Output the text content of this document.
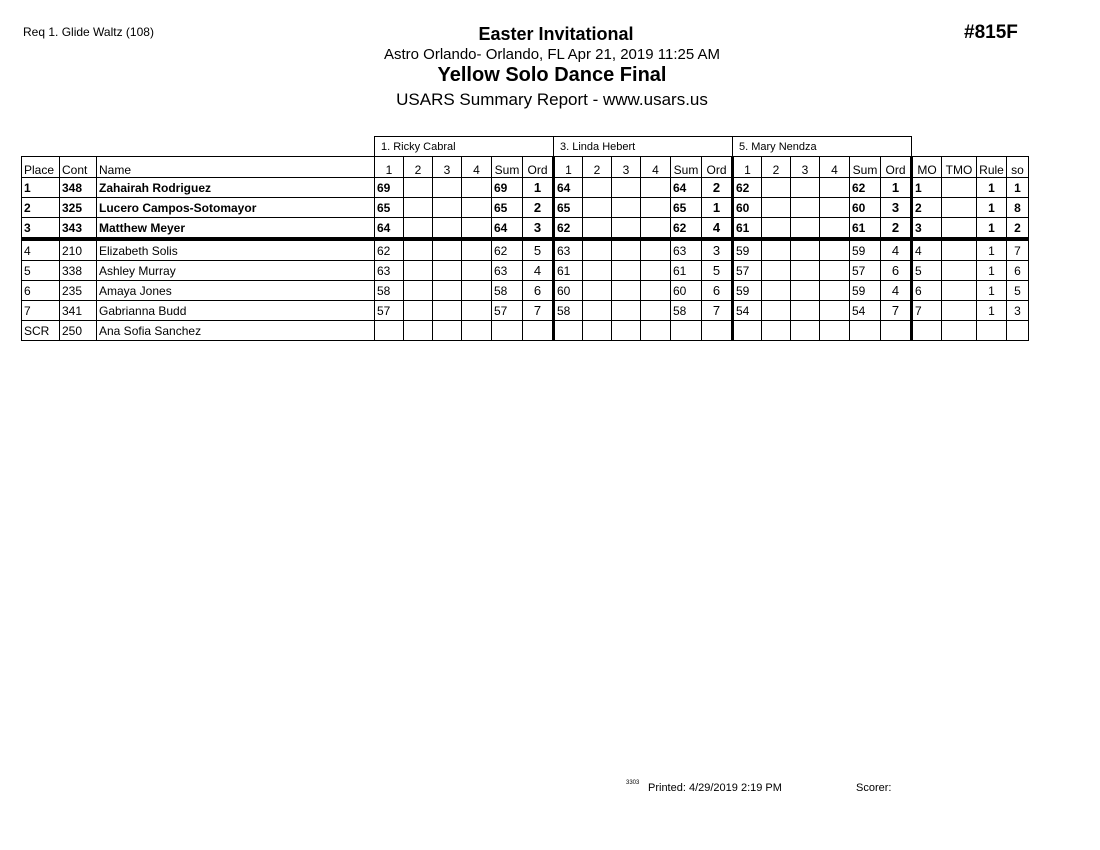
Req 1. Glide Waltz (108)	#815F
Easter Invitational
Astro Orlando- Orlando, FL Apr 21, 2019 11:25 AM
Yellow Solo Dance Final
USARS Summary Report - www.usars.us
			1. Ricky Cabral						3. Linda Hebert						5. Mary Nendza									
Place	Cont	Name	1	2	3	4	Sum	Ord	1	2	3	4	Sum	Ord	1	2	3	4	Sum	Ord	MO	TMO	Rule	so
1	348	Zahairah Rodriguez	69				69	1	64				64	2	62				62	1	1		1	1
2	325	Lucero Campos-Sotomayor	65				65	2	65				65	1	60				60	3	2		1	8
3	343	Matthew Meyer	64				64	3	62				62	4	61				61	2	3		1	2
4	210	Elizabeth Solis	62				62	5	63				63	3	59				59	4	4		1	7
5	338	Ashley Murray	63				63	4	61				61	5	57				57	6	5		1	6
6	235	Amaya Jones	58				58	6	60				60	6	59				59	4	6		1	5
7	341	Gabrianna Budd	57				57	7	58				58	7	54				54	7	7		1	3
SCR	250	Ana Sofia Sanchez																						
3303 Printed: 4/29/2019 2:19 PM	Scorer:
